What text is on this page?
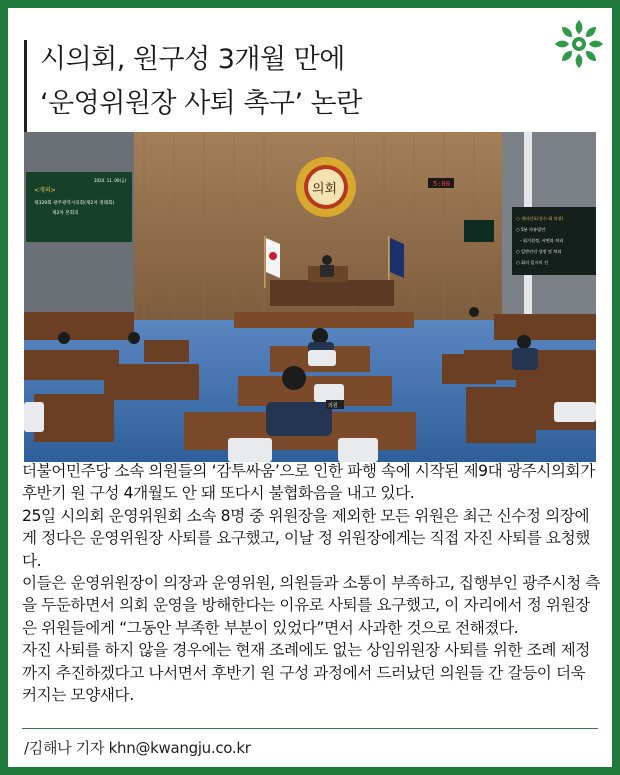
시의회, 원구성 3개월 만에
‘운영위원장 사퇴 촉구’ 논란
2024. 11. 00(금)
<개의>
제329회 광주광역시의회(제2차 정례회)
제2차 본회의
○ 개의선포(성수·회 의장)
○ 5분 자유발언
- 회기결정, 서면과 처리
○ 일반안건 상정 및 처리
○ 회의 일시의 건
5:00
의회
의원

더불어민주당 소속 의원들의 ‘감투싸움’으로 인한 파행 속에 시작된 제9대 광주시의회가 후반기 원 구성 4개월도 안 돼 또다시 불협화음을 내고 있다.

25일 시의회 운영위원회 소속 8명 중 위원장을 제외한 모든 위원은 최근 신수정 의장에게 정다은 운영위원장 사퇴를 요구했고, 이날 정 위원장에게는 직접 자진 사퇴를 요청했다.

이들은 운영위원장이 의장과 운영위원, 의원들과 소통이 부족하고, 집행부인 광주시청 측을 두둔하면서 의회 운영을 방해한다는 이유로 사퇴를 요구했고, 이 자리에서 정 위원장은 위원들에게 “그동안 부족한 부분이 있었다”면서 사과한 것으로 전해졌다.

자진 사퇴를 하지 않을 경우에는 현재 조례에도 없는 상임위원장 사퇴를 위한 조례 제정까지 추진하겠다고 나서면서 후반기 원 구성 과정에서 드러났던 의원들 간 갈등이 더욱 커지는 모양새다.

/김해나 기자 khn@kwangju.co.kr
